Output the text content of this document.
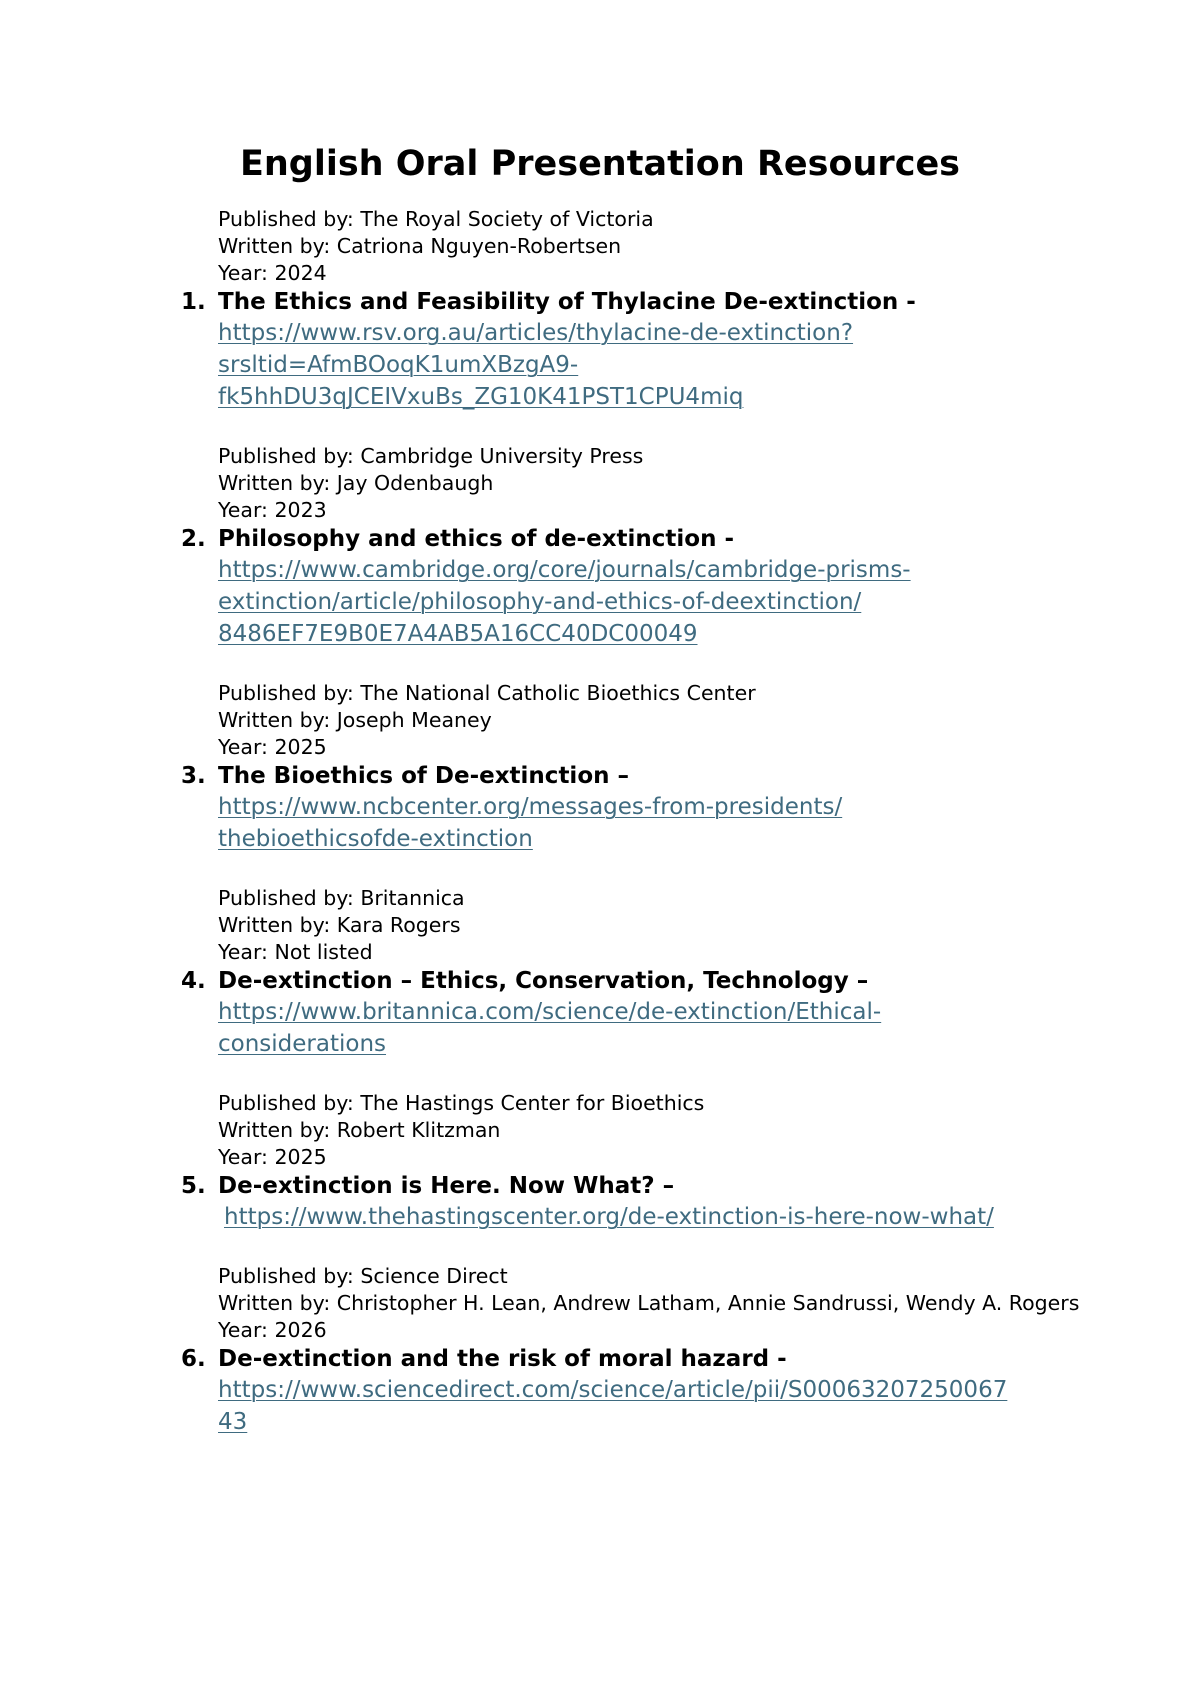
English Oral Presentation Resources
Published by: The Royal Society of Victoria
Written by: Catriona Nguyen-Robertsen
Year: 2024
1. The Ethics and Feasibility of Thylacine De-extinction -
https://www.rsv.org.au/articles/thylacine-de-extinction?
srsltid=AfmBOoqK1umXBzgA9-
fk5hhDU3qJCEIVxuBs_ZG10K41PST1CPU4miq
Published by: Cambridge University Press
Written by: Jay Odenbaugh
Year: 2023
2. Philosophy and ethics of de-extinction -
https://www.cambridge.org/core/journals/cambridge-prisms-
extinction/article/philosophy-and-ethics-of-deextinction/
8486EF7E9B0E7A4AB5A16CC40DC00049
Published by: The National Catholic Bioethics Center
Written by: Joseph Meaney
Year: 2025
3. The Bioethics of De-extinction –
https://www.ncbcenter.org/messages-from-presidents/
thebioethicsofde-extinction
Published by: Britannica
Written by: Kara Rogers
Year: Not listed
4. De-extinction – Ethics, Conservation, Technology –
https://www.britannica.com/science/de-extinction/Ethical-
considerations
Published by: The Hastings Center for Bioethics
Written by: Robert Klitzman
Year: 2025
5. De-extinction is Here. Now What? –
https://www.thehastingscenter.org/de-extinction-is-here-now-what/
Published by: Science Direct
Written by: Christopher H. Lean, Andrew Latham, Annie Sandrussi, Wendy A. Rogers
Year: 2026
6. De-extinction and the risk of moral hazard -
https://www.sciencedirect.com/science/article/pii/S00063207250067
43
